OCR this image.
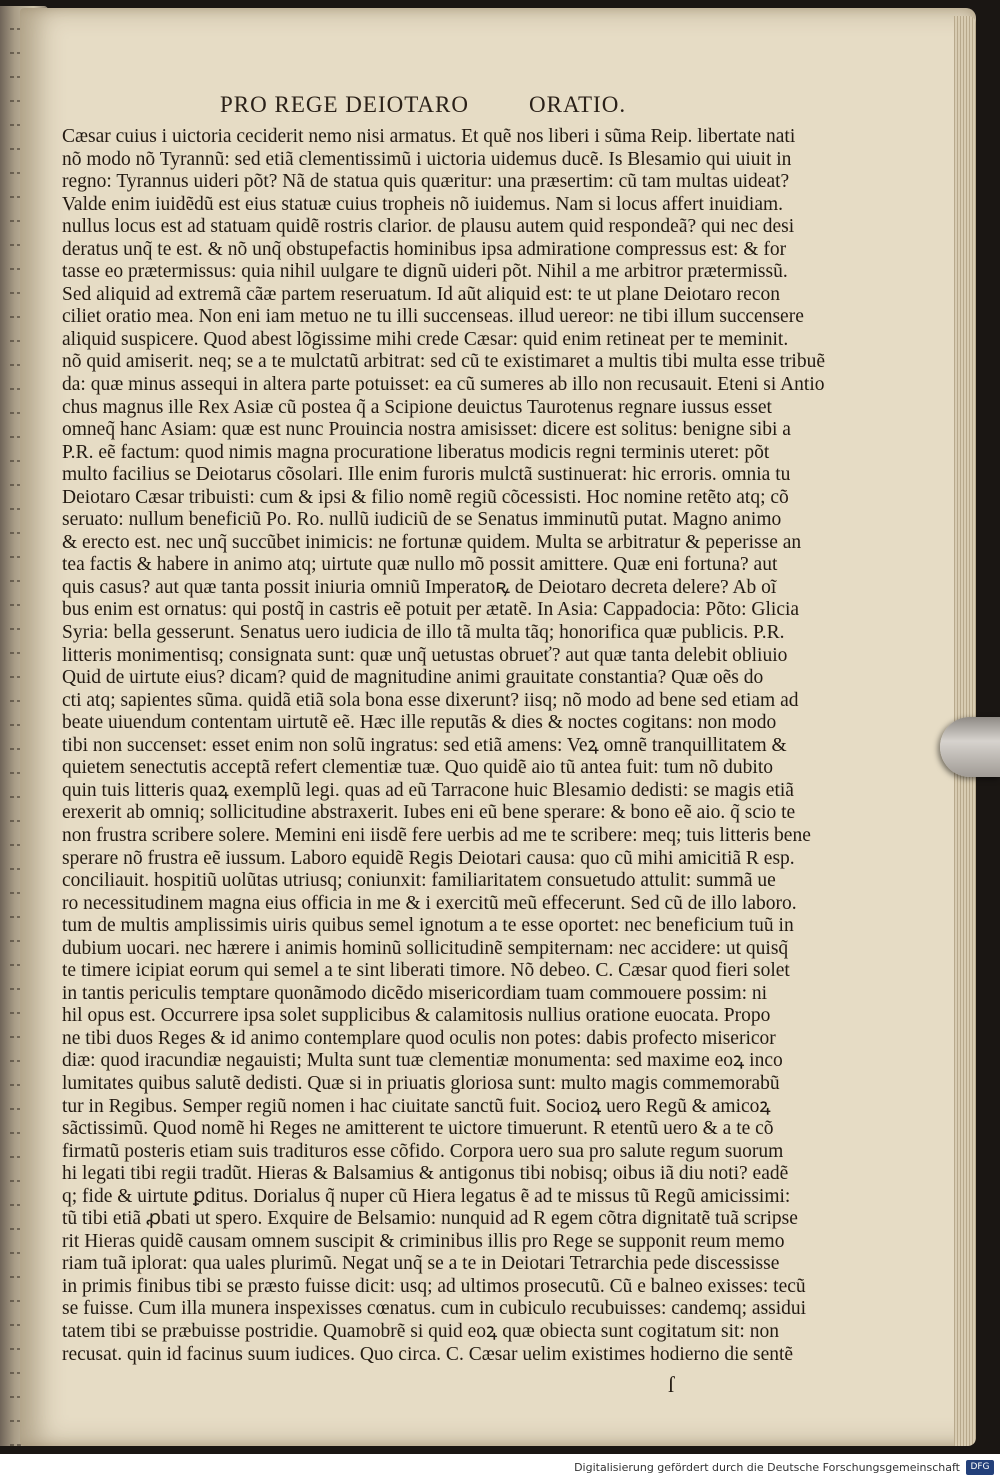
PRO REGE DEIOTARO	ORATIO.
Cæsar cuius i uictoria ceciderit nemo nisi armatus. Et quẽ nos liberi i sũma Reip. libertate nati
nõ modo nõ Tyrannũ: sed etiã clementissimũ i uictoria uidemus ducẽ. Is Blesamio qui uiuit in
regno: Tyrannus uideri põt? Nã de statua quis quæritur: una præsertim: cũ tam multas uideat?
Valde enim iuidẽdũ est eius statuæ cuius tropheis nõ iuidemus. Nam si locus affert inuidiam.
nullus locus est ad statuam quidẽ rostris clarior. de plausu autem quid respondeã? qui nec desi
deratus unq̃ te est. & nõ unq̃ obstupefactis hominibus ipsa admiratione compressus est: & for
tasse eo prætermissus: quia nihil uulgare te dignũ uideri põt. Nihil a me arbitror prætermissũ.
Sed aliquid ad extremã cãæ partem reseruatum. Id aũt aliquid est: te ut plane Deiotaro recon
ciliet oratio mea. Non eni iam metuo ne tu illi succenseas. illud uereor: ne tibi illum succensere
aliquid suspicere. Quod abest lõgissime mihi crede Cæsar: quid enim retineat per te meminit.
nõ quid amiserit. neq; se a te mulctatũ arbitrat: sed cũ te existimaret a multis tibi multa esse tribuẽ
da: quæ minus assequi in altera parte potuisset: ea cũ sumeres ab illo non recusauit. Eteni si Antio
chus magnus ille Rex Asiæ cũ postea q̃ a Scipione deuictus Taurotenus regnare iussus esset
omneq̃ hanc Asiam: quæ est nunc Prouincia nostra amisisset: dicere est solitus: benigne sibi a
P.R. eẽ factum: quod nimis magna procuratione liberatus modicis regni terminis uteret: põt
multo facilius se Deiotarus cõsolari. Ille enim furoris mulctã sustinuerat: hic erroris. omnia tu
Deiotaro Cæsar tribuisti: cum & ipsi & filio nomẽ regiũ cõcessisti. Hoc nomine retẽto atq; cõ
seruato: nullum beneficiũ Po. Ro. nullũ iudiciũ de se Senatus imminutũ putat. Magno animo
& erecto est. nec unq̃ succũbet inimicis: ne fortunæ quidem. Multa se arbitratur & peperisse an
tea factis & habere in animo atq; uirtute quæ nullo mõ possit amittere. Quæ eni fortuna? aut
quis casus? aut quæ tanta possit iniuria omniũ Imperatoꝶ de Deiotaro decreta delere? Ab oĩ
bus enim est ornatus: qui postq̃ in castris eẽ potuit per ætatẽ. In Asia: Cappadocia: Põto: Glicia
Syria: bella gesserunt. Senatus uero iudicia de illo tã multa tãq; honorifica quæ publicis. P.R.
litteris monimentisq; consignata sunt: quæ unq̃ uetustas obrueť? aut quæ tanta delebit obliuio
Quid de uirtute eius? dicam? quid de magnitudine animi grauitate constantia? Quæ oẽs do
cti atq; sapientes sũma. quidã etiã sola bona esse dixerunt? iisq; nõ modo ad bene sed etiam ad
beate uiuendum contentam uirtutẽ eẽ. Hæc ille reputãs & dies & noctes cogitans: non modo
tibi non succenset: esset enim non solũ ingratus: sed etiã amens: Veꝝ omnẽ tranquillitatem &
quietem senectutis acceptã refert clementiæ tuæ. Quo quidẽ aio tũ antea fuit: tum nõ dubito
quin tuis litteris quaꝝ exemplũ legi. quas ad eũ Tarracone huic Blesamio dedisti: se magis etiã
erexerit ab omniq; sollicitudine abstraxerit. Iubes eni eũ bene sperare: & bono eẽ aio. q̃ scio te
non frustra scribere solere. Memini eni iisdẽ fere uerbis ad me te scribere: meq; tuis litteris bene
sperare nõ frustra eẽ iussum. Laboro equidẽ Regis Deiotari causa: quo cũ mihi amicitiã R esp.
conciliauit. hospitiũ uolũtas utriusq; coniunxit: familiaritatem consuetudo attulit: summã ue
ro necessitudinem magna eius officia in me & i exercitũ meũ effecerunt. Sed cũ de illo laboro.
tum de multis amplissimis uiris quibus semel ignotum a te esse oportet: nec beneficium tuũ in
dubium uocari. nec hærere i animis hominũ sollicitudinẽ sempiternam: nec accidere: ut quisq̃
te timere icipiat eorum qui semel a te sint liberati timore. Nõ debeo. C. Cæsar quod fieri solet
in tantis periculis temptare quonãmodo dicẽdo misericordiam tuam commouere possim: ni
hil opus est. Occurrere ipsa solet supplicibus & calamitosis nullius oratione euocata. Propo
ne tibi duos Reges & id animo contemplare quod oculis non potes: dabis profecto misericor
diæ: quod iracundiæ negauisti; Multa sunt tuæ clementiæ monumenta: sed maxime eoꝝ inco
lumitates quibus salutẽ dedisti. Quæ si in priuatis gloriosa sunt: multo magis commemorabũ
tur in Regibus. Semper regiũ nomen i hac ciuitate sanctũ fuit. Socioꝝ uero Regũ & amicoꝝ
sãctissimũ. Quod nomẽ hi Reges ne amitterent te uictore timuerunt. R etentũ uero & a te cõ
firmatũ posteris etiam suis tradituros esse cõfido. Corpora uero sua pro salute regum suorum
hi legati tibi regii tradũt. Hieras & Balsamius & antigonus tibi nobisq; oibus iã diu noti? eadẽ
q; fide & uirtute ꝑditus. Dorialus q̃ nuper cũ Hiera legatus ẽ ad te missus tũ Regũ amicissimi:
tũ tibi etiã ꝓbati ut spero. Exquire de Belsamio: nunquid ad R egem cõtra dignitatẽ tuã scripse
rit Hieras quidẽ causam omnem suscipit & criminibus illis pro Rege se supponit reum memo
riam tuã iplorat: qua uales plurimũ. Negat unq̃ se a te in Deiotari Tetrarchia pede discessisse
in primis finibus tibi se præsto fuisse dicit: usq; ad ultimos prosecutũ. Cũ e balneo exisses: tecũ
se fuisse. Cum illa munera inspexisses cœnatus. cum in cubiculo recubuisses: candemq; assidui
tatem tibi se præbuisse postridie. Quamobrẽ si quid eoꝝ quæ obiecta sunt cogitatum sit: non
recusat. quin id facinus suum iudices. Quo circa. C. Cæsar uelim existimes hodierno die sentẽ
ſ
Digitalisierung gefördert durch die Deutsche Forschungsgemeinschaft	DFG
